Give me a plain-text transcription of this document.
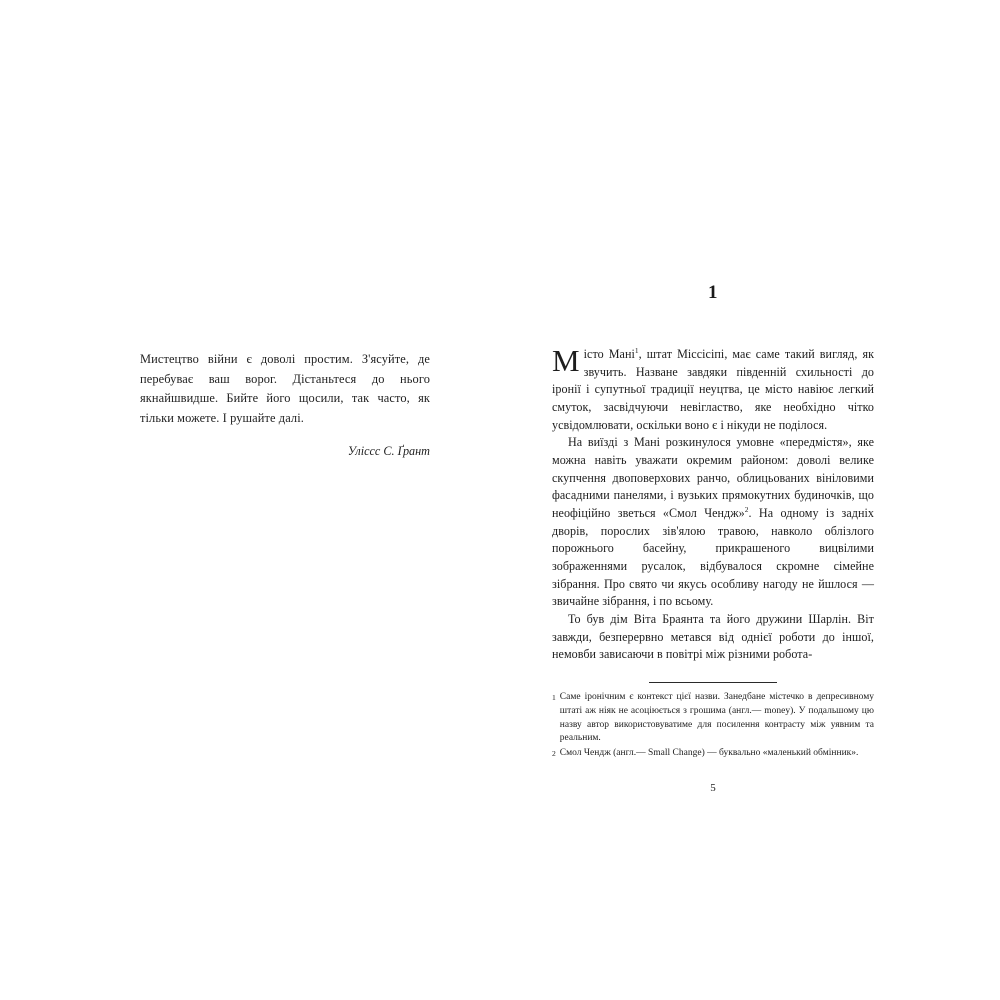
Мистецтво війни є доволі простим. З'ясуйте, де перебуває ваш ворог. Дістаньтеся до нього якнайшвидше. Бийте його щосили, так часто, як тільки можете. І рушайте далі.
Уліссс С. Ґрант
1

Місто Мані$^1$, штат Міссісіпі, має саме такий вигляд, як звучить. Назване завдяки південній схильності до іронії і супутньої традиції неуцтва, це місто навіює легкий смуток, засвідчуючи невігластво, яке необхідно чітко усвідомлювати, оскільки воно є і нікуди не поділося.

На виїзді з Мані розкинулося умовне «передмістя», яке можна навіть уважати окремим районом: доволі велике скупчення двоповерхових ранчо, облицьованих вініловими фасадними панелями, і вузьких прямокутних будиночків, що неофіційно зветься «Смол Чендж»$^2$. На одному із задніх дворів, порослих зів'ялою травою, навколо облізлого порожнього басейну, прикрашеного вицвілими зображеннями русалок, відбувалося скромне сімейне зібрання. Про свято чи якусь особливу нагоду не йшлося — звичайне зібрання, і по всьому.

То був дім Віта Браянта та його дружини Шарлін. Віт завжди, безперервно метався від однієї роботи до іншої, немовби зависаючи в повітрі між різними робота-

1 Саме іронічним є контекст цієї назви. Занедбане містечко в депресивному штаті аж ніяк не асоціюється з грошима (англ.— money). У подальшому цю назву автор використовуватиме для посилення контрасту між уявним та реальним.
2 Смол Чендж (англ.— Small Change) — буквально «маленький обмінник».
5
